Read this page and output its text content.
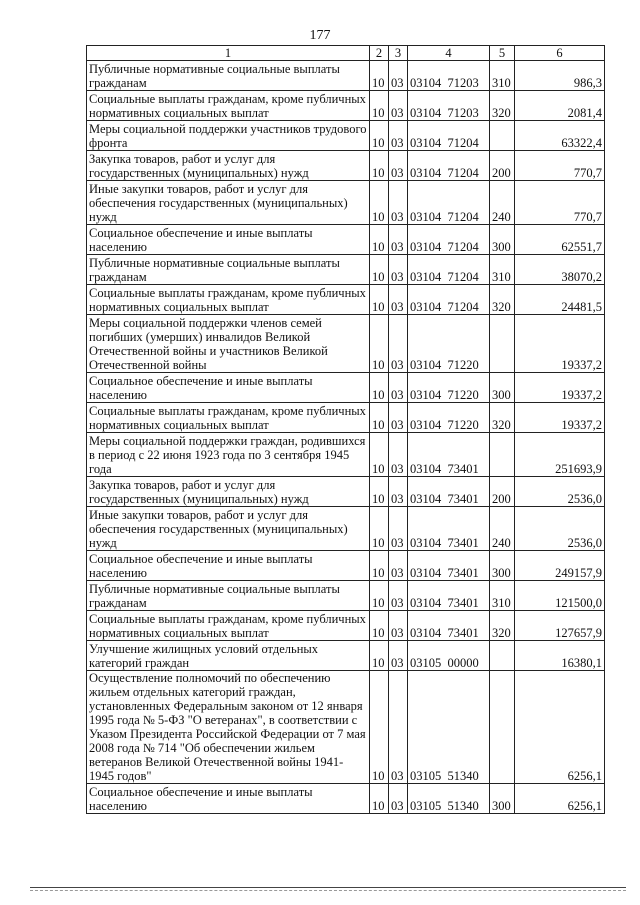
177
1	2	3	4	5	6
Публичные нормативные социальные выплаты гражданам	10	03	03104  71203	310	986,3
Социальные выплаты гражданам, кроме публичных нормативных социальных выплат	10	03	03104  71203	320	2081,4
Меры социальной поддержки участников трудового фронта	10	03	03104  71204		63322,4
Закупка товаров, работ и услуг для государственных (муниципальных) нужд	10	03	03104  71204	200	770,7
Иные закупки товаров, работ и услуг для обеспечения государственных (муниципальных) нужд	10	03	03104  71204	240	770,7
Социальное обеспечение и иные выплаты населению	10	03	03104  71204	300	62551,7
Публичные нормативные социальные выплаты гражданам	10	03	03104  71204	310	38070,2
Социальные выплаты гражданам, кроме публичных нормативных социальных выплат	10	03	03104  71204	320	24481,5
Меры социальной поддержки членов семей погибших (умерших) инвалидов Великой Отечественной войны и участников Великой Отечественной войны	10	03	03104  71220		19337,2
Социальное обеспечение и иные выплаты населению	10	03	03104  71220	300	19337,2
Социальные выплаты гражданам, кроме публичных нормативных социальных выплат	10	03	03104  71220	320	19337,2
Меры социальной поддержки граждан, родившихся в период с 22 июня 1923 года по 3 сентября 1945 года	10	03	03104  73401		251693,9
Закупка товаров, работ и услуг для государственных (муниципальных) нужд	10	03	03104  73401	200	2536,0
Иные закупки товаров, работ и услуг для обеспечения государственных (муниципальных) нужд	10	03	03104  73401	240	2536,0
Социальное обеспечение и иные выплаты населению	10	03	03104  73401	300	249157,9
Публичные нормативные социальные выплаты гражданам	10	03	03104  73401	310	121500,0
Социальные выплаты гражданам, кроме публичных нормативных социальных выплат	10	03	03104  73401	320	127657,9
Улучшение жилищных условий отдельных категорий граждан	10	03	03105  00000		16380,1
Осуществление полномочий по обеспечению жильем отдельных категорий граждан, установленных Федеральным законом от 12 января 1995 года № 5-ФЗ "О ветеранах", в соответствии с Указом Президента Российской Федерации от 7 мая 2008 года № 714 "Об обеспечении жильем ветеранов Великой Отечественной войны 1941-1945 годов"	10	03	03105  51340		6256,1
Социальное обеспечение и иные выплаты населению	10	03	03105  51340	300	6256,1
